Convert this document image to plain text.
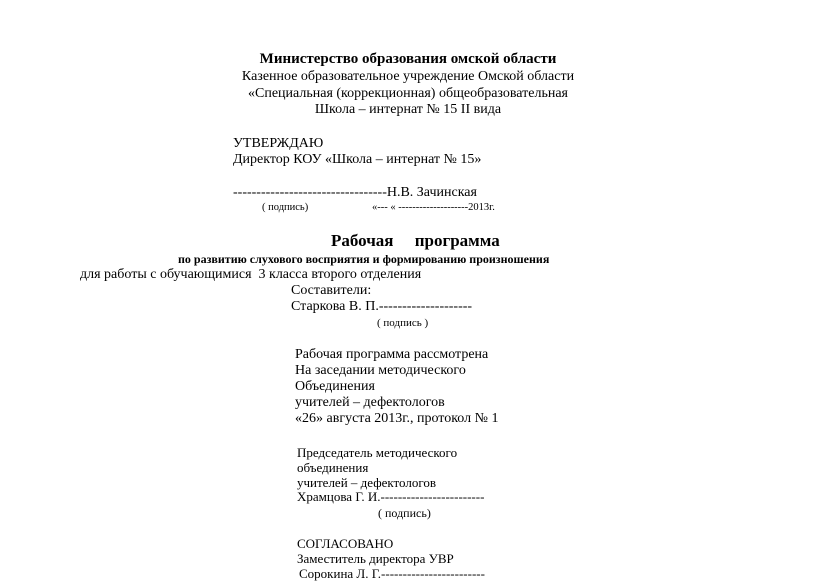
Министерство образования омской области
Казенное образовательное учреждение Омской области
«Специальная (коррекционная) общеобразовательная
Школа – интернат № 15 II вида
УТВЕРЖДАЮ
Директор КОУ «Школа – интернат № 15»
---------------------------------Н.В. Зачинская
( подпись)	«--- « --------------------2013г.
Рабочая     программа
по развитию слухового восприятия и формированию произношения
для работы с обучающимися  3 класса второго отделения
Составители:
Старкова В. П.--------------------
( подпись )
Рабочая программа рассмотрена
На заседании методического
Объединения
учителей – дефектологов
«26» августа 2013г., протокол № 1
Председатель методического
объединения
учителей – дефектологов
Храмцова Г. И.------------------------
( подпись)
СОГЛАСОВАНО
Заместитель директора УВР
Сорокина Л. Г.------------------------
